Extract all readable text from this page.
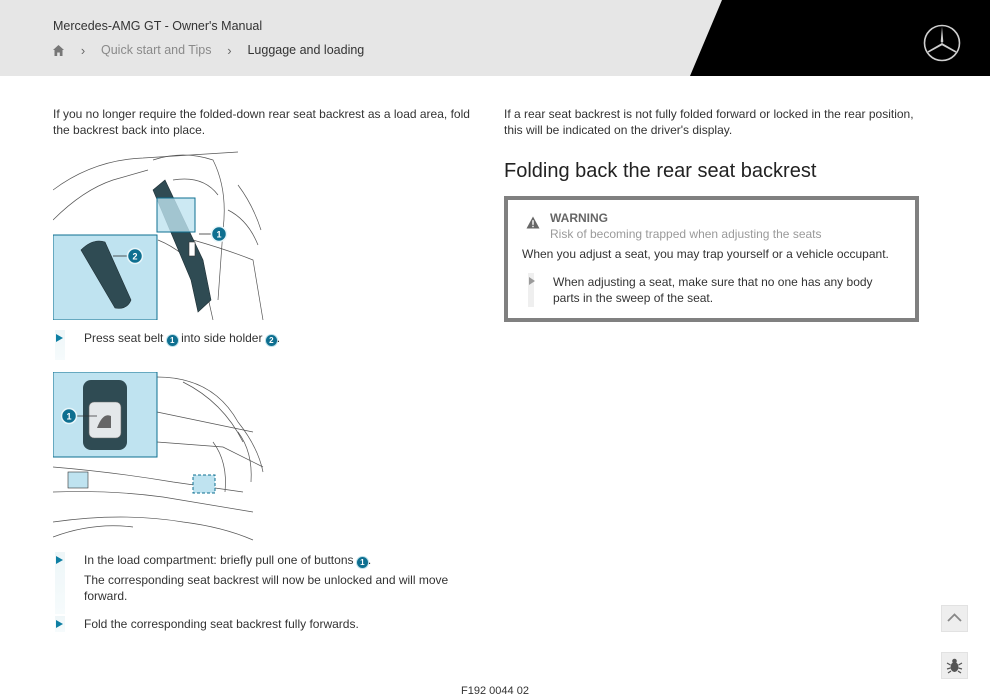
Mercedes-AMG GT - Owner's Manual
›	Quick start and Tips	›	Luggage and loading
If you no longer require the folded-down rear seat backrest as a load area, fold the backrest back into place.
1
2
Press seat belt 1 into side holder 2 .
1
In the load compartment: briefly pull one of buttons 1 .
The corresponding seat backrest will now be unlocked and will move forward.
Fold the corresponding seat backrest fully forwards.
If a rear seat backrest is not fully folded forward or locked in the rear position, this will be indicated on the driver's display.
Folding back the rear seat backrest
WARNING
Risk of becoming trapped when adjusting the seats
When you adjust a seat, you may trap yourself or a vehicle occupant.
When adjusting a seat, make sure that no one has any body parts in the sweep of the seat.
F192 0044 02
